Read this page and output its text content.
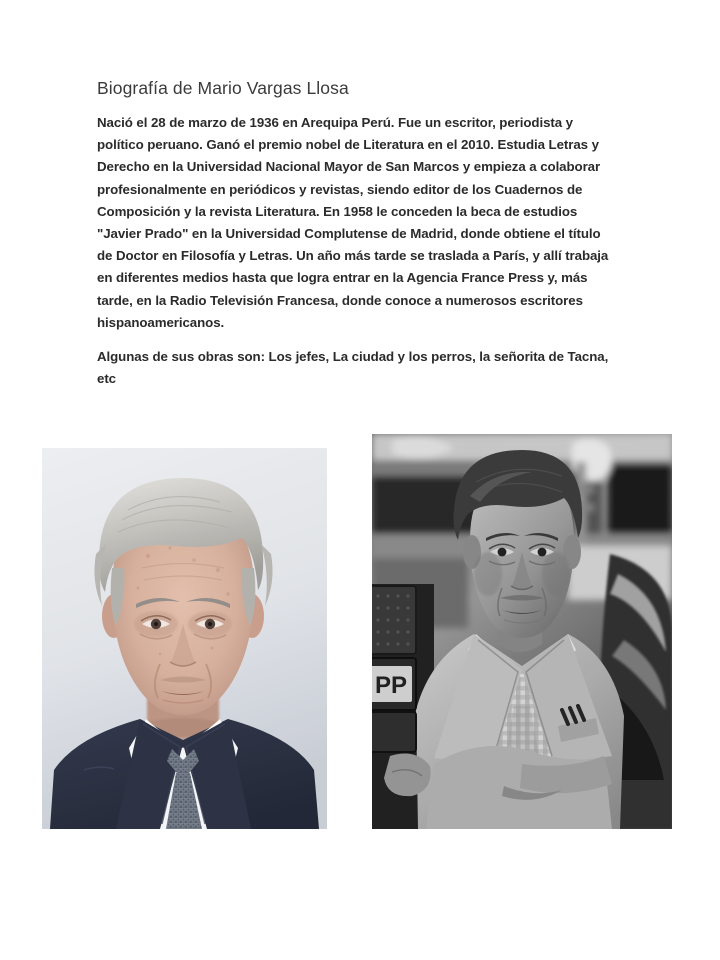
Biografía de Mario Vargas Llosa

Nació el 28 de marzo de 1936 en Arequipa Perú. Fue un escritor, periodista y político peruano. Ganó el premio nobel de Literatura en el 2010. Estudia Letras y Derecho en la Universidad Nacional Mayor de San Marcos y empieza a colaborar profesionalmente en periódicos y revistas, siendo editor de los Cuadernos de Composición y la revista Literatura. En 1958 le conceden la beca de estudios "Javier Prado" en la Universidad Complutense de Madrid, donde obtiene el título de Doctor en Filosofía y Letras. Un año más tarde se traslada a París, y allí trabaja en diferentes medios hasta que logra entrar en la Agencia France Press y, más tarde, en la Radio Televisión Francesa, donde conoce a numerosos escritores hispanoamericanos.

Algunas de sus obras son: Los jefes, La ciudad y los perros, la señorita de Tacna, etc

PP
